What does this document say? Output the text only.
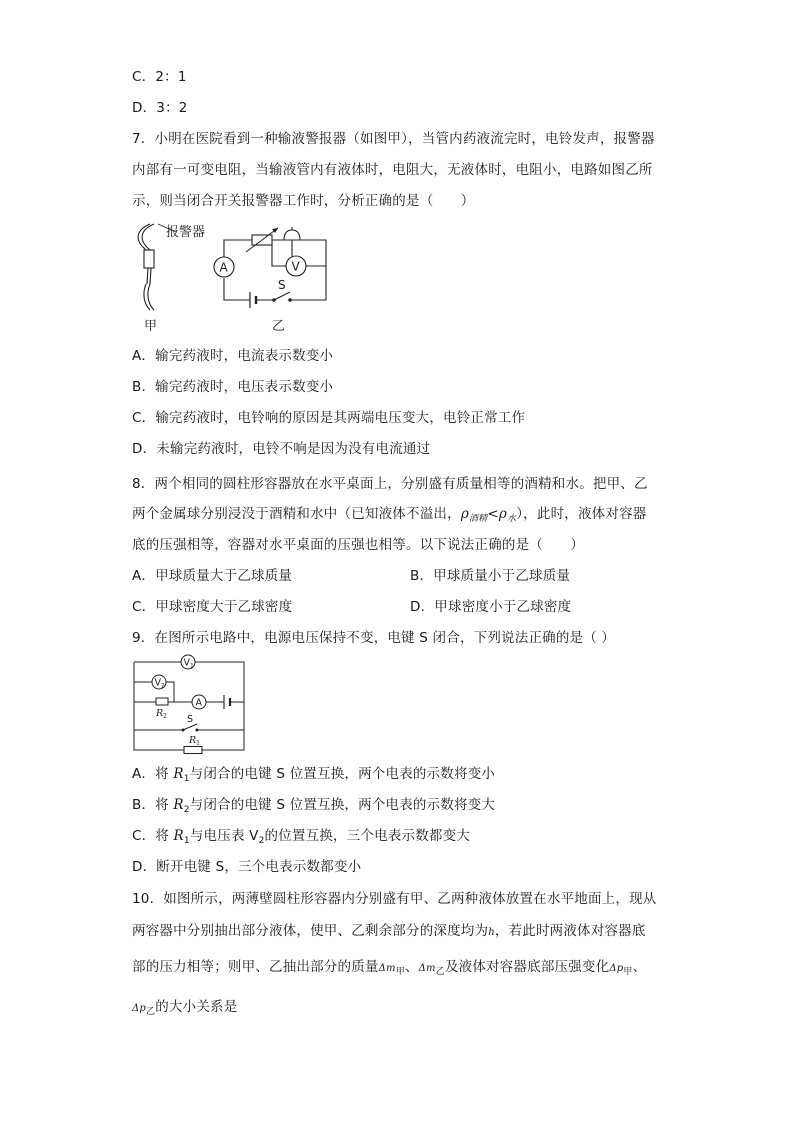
C．2：1
D．3：2
7．小明在医院看到一种输液警报器（如图甲），当管内药液流完时，电铃发声，报警器
内部有一可变电阻，当输液管内有液体时，电阻大，无液体时，电阻小，电路如图乙所
示，则当闭合开关报警器工作时，分析正确的是（　　）
报警器
甲
A	V
S
乙
A．输完药液时，电流表示数变小
B．输完药液时，电压表示数变小
C．输完药液时，电铃响的原因是其两端电压变大，电铃正常工作
D．未输完药液时，电铃不响是因为没有电流通过
8．两个相同的圆柱形容器放在水平桌面上，分别盛有质量相等的酒精和水。把甲、乙
两个金属球分别浸没于酒精和水中（已知液体不溢出，$\rho_{酒精}<\rho_水$），此时，液体对容器
底的压强相等，容器对水平桌面的压强也相等。以下说法正确的是（　　）
A．甲球质量大于乙球质量	B．甲球质量小于乙球质量
C．甲球密度大于乙球密度	D．甲球密度小于乙球密度
9．在图所示电路中，电源电压保持不变，电键 S 闭合，下列说法正确的是（ ）
$V_1$
$V_2$
$R_2$
A
S
$R_1$
A．将 $R_1$与闭合的电键 S 位置互换，两个电表的示数将变小
B．将 $R_2$与闭合的电键 S 位置互换，两个电表的示数将变大
C．将 $R_1$与电压表 $V_2$的位置互换，三个电表示数都变大
D．断开电键 S，三个电表示数都变小
10．如图所示，两薄壁圆柱形容器内分别盛有甲、乙两种液体放置在水平地面上，现从
两容器中分别抽出部分液体，使甲、乙剩余部分的深度均为h，若此时两液体对容器底
部的压力相等；则甲、乙抽出部分的质量$\Delta m_甲$、$\Delta m_乙$及液体对容器底部压强变化$\Delta p_甲$、
$\Delta p_乙$的大小关系是
